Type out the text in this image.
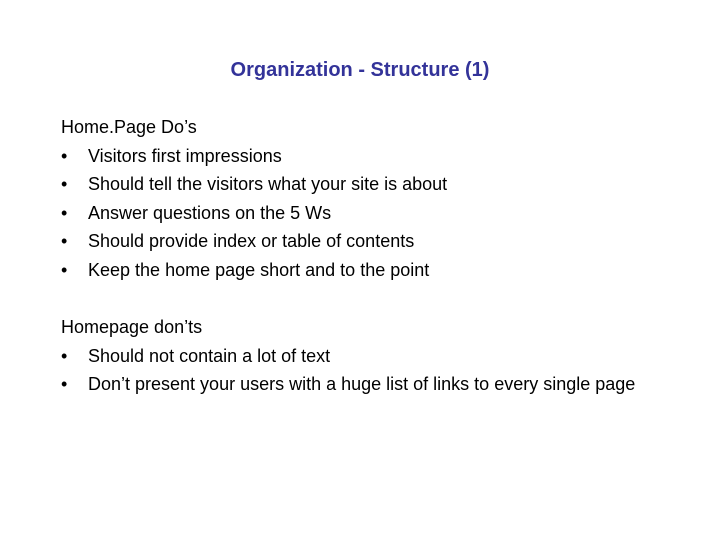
Organization - Structure (1)

Home.Page Do’s

• Visitors first impressions
• Should tell the visitors what your site is about
• Answer questions on the 5 Ws
• Should provide index or table of contents
• Keep the home page short and to the point

Homepage don’ts

• Should not contain a lot of text
• Don’t present your users with a huge list of links to every single page
